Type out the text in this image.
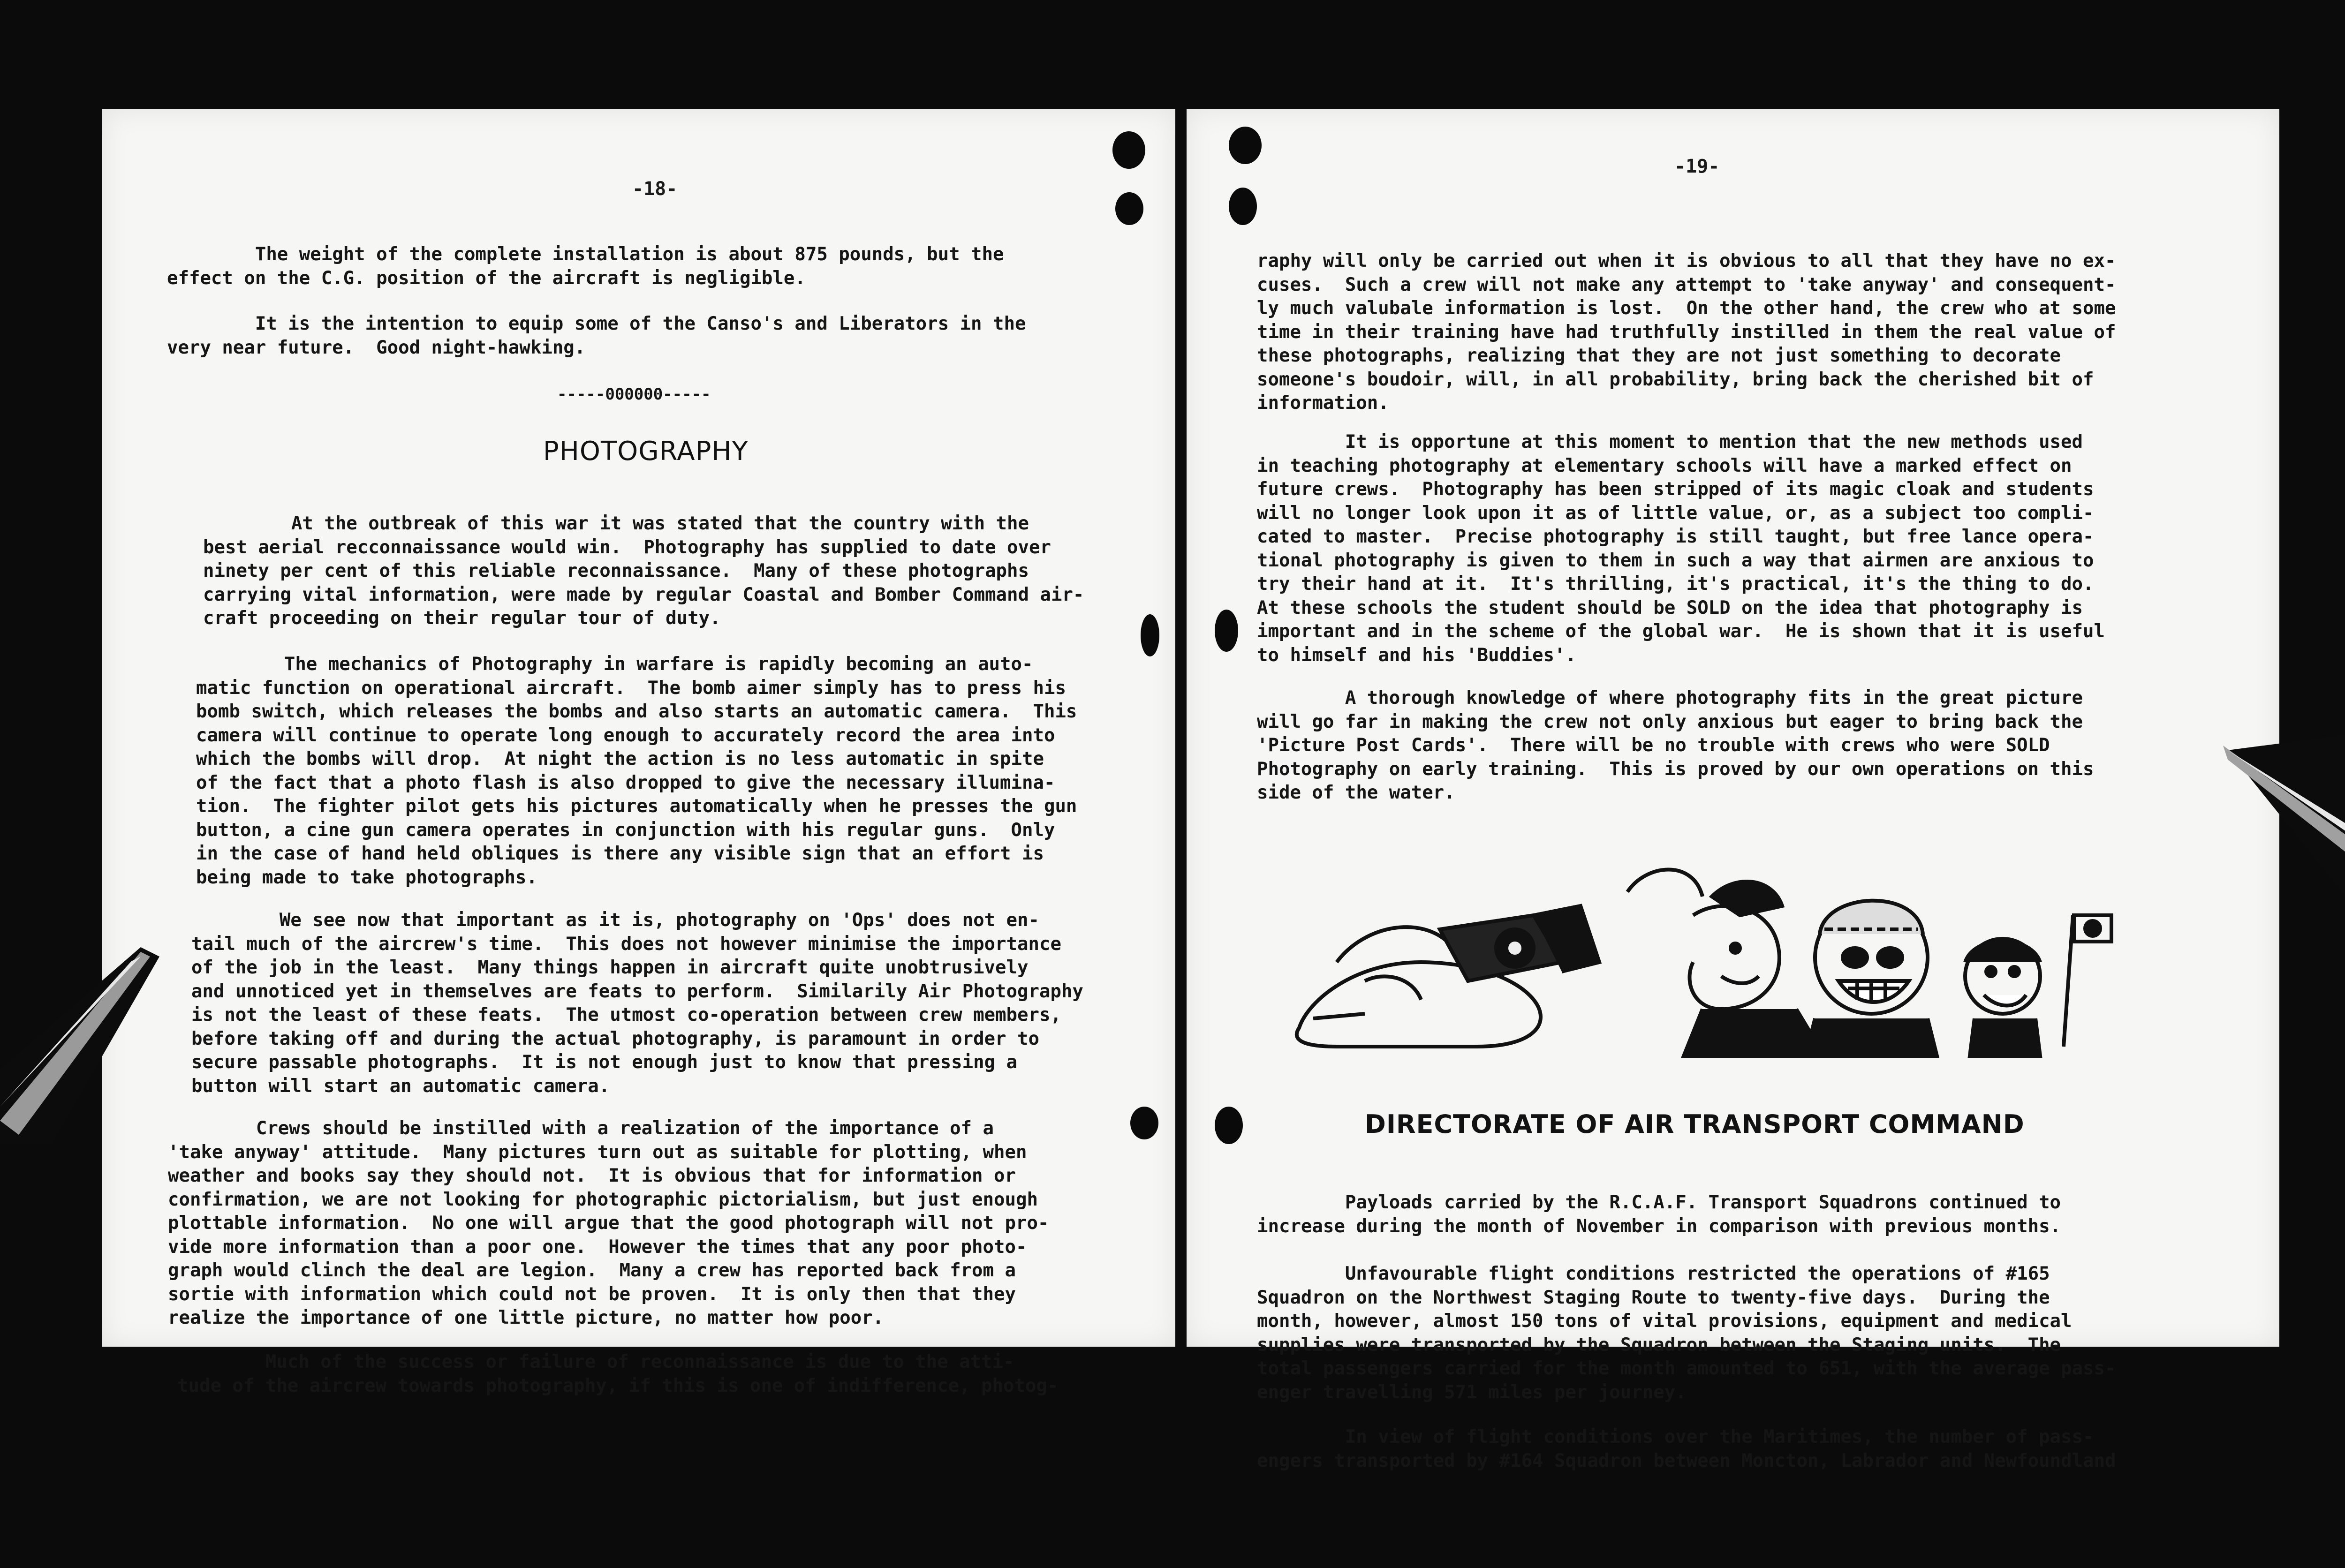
-18-
The weight of the complete installation is about 875 pounds, but the
effect on the C.G. position of the aircraft is negligible.
It is the intention to equip some of the Canso's and Liberators in the
very near future.  Good night-hawking.
-----000000-----
PHOTOGRAPHY
At the outbreak of this war it was stated that the country with the
best aerial recconnaissance would win.  Photography has supplied to date over
ninety per cent of this reliable reconnaissance.  Many of these photographs
carrying vital information, were made by regular Coastal and Bomber Command air-
craft proceeding on their regular tour of duty.
The mechanics of Photography in warfare is rapidly becoming an auto-
matic function on operational aircraft.  The bomb aimer simply has to press his
bomb switch, which releases the bombs and also starts an automatic camera.  This
camera will continue to operate long enough to accurately record the area into
which the bombs will drop.  At night the action is no less automatic in spite
of the fact that a photo flash is also dropped to give the necessary illumina-
tion.  The fighter pilot gets his pictures automatically when he presses the gun
button, a cine gun camera operates in conjunction with his regular guns.  Only
in the case of hand held obliques is there any visible sign that an effort is
being made to take photographs.
We see now that important as it is, photography on 'Ops' does not en-
tail much of the aircrew's time.  This does not however minimise the importance
of the job in the least.  Many things happen in aircraft quite unobtrusively
and unnoticed yet in themselves are feats to perform.  Similarily Air Photography
is not the least of these feats.  The utmost co-operation between crew members,
before taking off and during the actual photography, is paramount in order to
secure passable photographs.  It is not enough just to know that pressing a
button will start an automatic camera.
Crews should be instilled with a realization of the importance of a
'take anyway' attitude.  Many pictures turn out as suitable for plotting, when
weather and books say they should not.  It is obvious that for information or
confirmation, we are not looking for photographic pictorialism, but just enough
plottable information.  No one will argue that the good photograph will not pro-
vide more information than a poor one.  However the times that any poor photo-
graph would clinch the deal are legion.  Many a crew has reported back from a
sortie with information which could not be proven.  It is only then that they
realize the importance of one little picture, no matter how poor.
Much of the success or failure of reconnaissance is due to the atti-
tude of the aircrew towards photography, if this is one of indifference, photog-
-19-
raphy will only be carried out when it is obvious to all that they have no ex-
cuses.  Such a crew will not make any attempt to 'take anyway' and consequent-
ly much valubale information is lost.  On the other hand, the crew who at some
time in their training have had truthfully instilled in them the real value of
these photographs, realizing that they are not just something to decorate
someone's boudoir, will, in all probability, bring back the cherished bit of
information.
It is opportune at this moment to mention that the new methods used
in teaching photography at elementary schools will have a marked effect on
future crews.  Photography has been stripped of its magic cloak and students
will no longer look upon it as of little value, or, as a subject too compli-
cated to master.  Precise photography is still taught, but free lance opera-
tional photography is given to them in such a way that airmen are anxious to
try their hand at it.  It's thrilling, it's practical, it's the thing to do.
At these schools the student should be SOLD on the idea that photography is
important and in the scheme of the global war.  He is shown that it is useful
to himself and his 'Buddies'.
A thorough knowledge of where photography fits in the great picture
will go far in making the crew not only anxious but eager to bring back the
'Picture Post Cards'.  There will be no trouble with crews who were SOLD
Photography on early training.  This is proved by our own operations on this
side of the water.
DIRECTORATE OF AIR TRANSPORT COMMAND
Payloads carried by the R.C.A.F. Transport Squadrons continued to
increase during the month of November in comparison with previous months.
Unfavourable flight conditions restricted the operations of #165
Squadron on the Northwest Staging Route to twenty-five days.  During the
month, however, almost 150 tons of vital provisions, equipment and medical
supplies were transported by the Squadron between the Staging units.  The
total passengers carried for the month amounted to 651, with the average pass-
enger travelling 571 miles per journey.
In view of flight conditions over the Maritimes, the number of pass-
engers transported by #164 Squadron between Moncton, Labrador and Newfoundland
